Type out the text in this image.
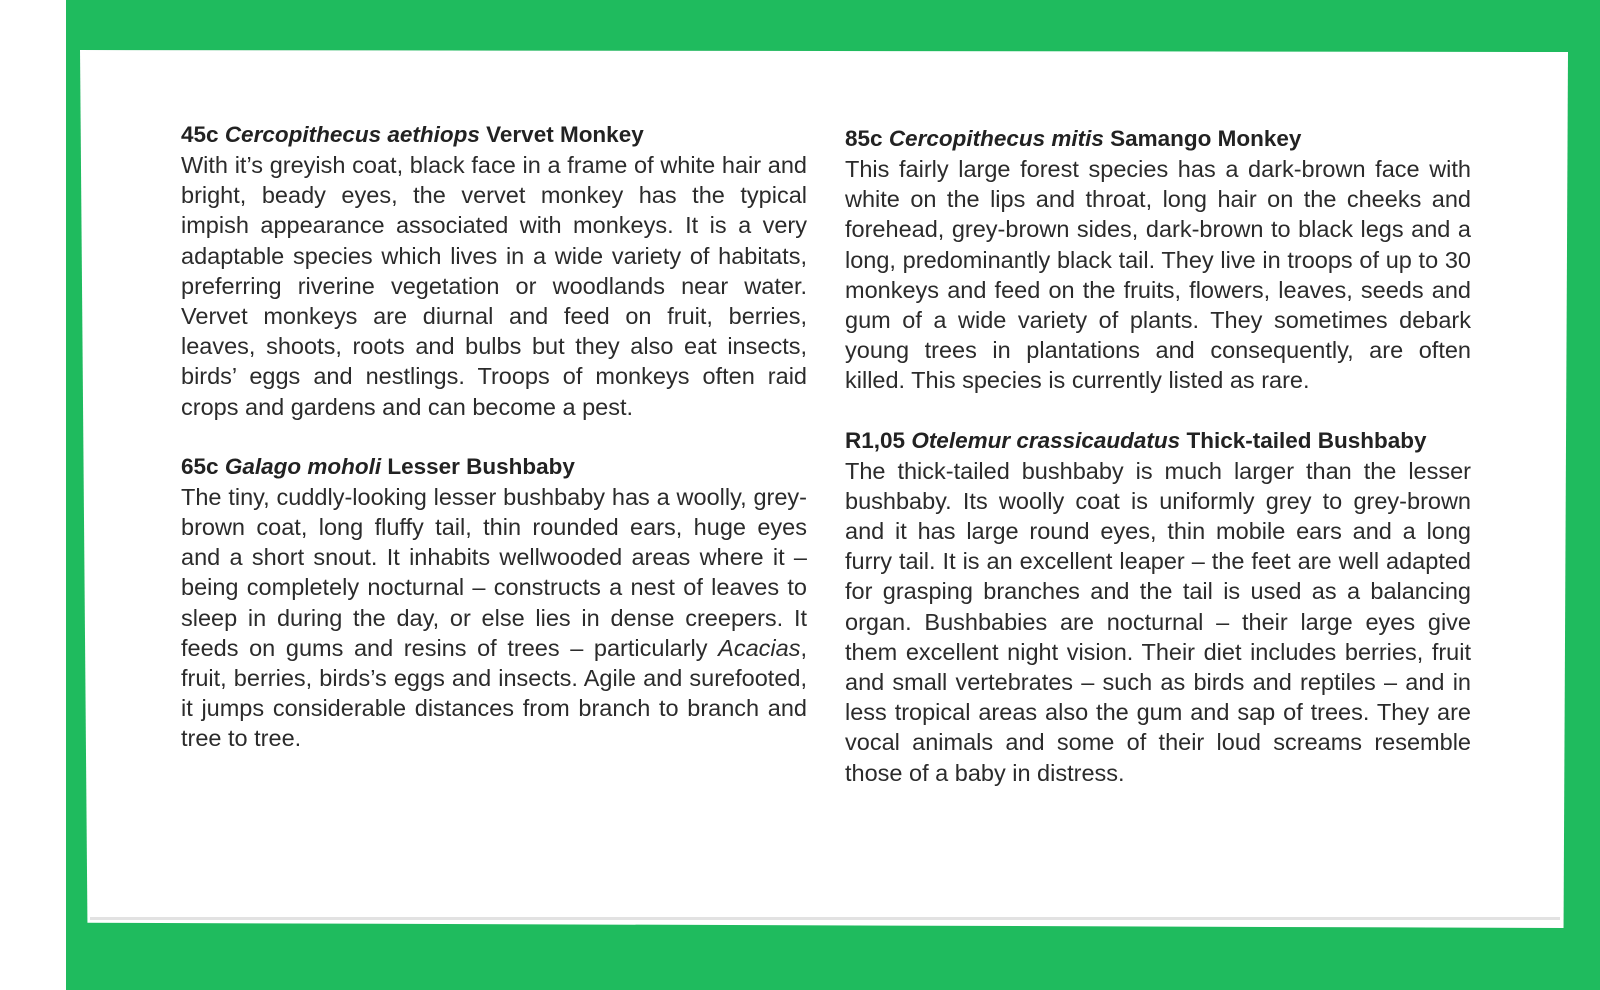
45c Cercopithecus aethiops Vervet Monkey

With it’s greyish coat, black face in a frame of white hair and bright, beady eyes, the vervet monkey has the typical impish appearance associated with monkeys. It is a very adaptable species which lives in a wide variety of habitats, preferring riverine vegetation or woodlands near water. Vervet monkeys are diurnal and feed on fruit, berries, leaves, shoots, roots and bulbs but they also eat insects, birds’ eggs and nestlings. Troops of monkeys often raid crops and gardens and can become a pest.

65c Galago moholi Lesser Bushbaby

The tiny, cuddly-looking lesser bushbaby has a woolly, grey-brown coat, long fluffy tail, thin rounded ears, huge eyes and a short snout. It inhabits wellwooded areas where it – being completely nocturnal – constructs a nest of leaves to sleep in during the day, or else lies in dense creepers. It feeds on gums and resins of trees – particularly Acacias, fruit, berries, birds’s eggs and insects. Agile and surefooted, it jumps considerable distances from branch to branch and tree to tree.

85c Cercopithecus mitis Samango Monkey

This fairly large forest species has a dark-brown face with white on the lips and throat, long hair on the cheeks and forehead, grey-brown sides, dark-brown to black legs and a long, predominantly black tail. They live in troops of up to 30 monkeys and feed on the fruits, flowers, leaves, seeds and gum of a wide variety of plants. They sometimes debark young trees in plantations and consequently, are often killed. This species is currently listed as rare.

R1,05 Otelemur crassicaudatus Thick-tailed Bushbaby

The thick-tailed bushbaby is much larger than the lesser bushbaby. Its woolly coat is uniformly grey to grey-brown and it has large round eyes, thin mobile ears and a long furry tail. It is an excellent leaper – the feet are well adapted for grasping branches and the tail is used as a balancing organ. Bushbabies are nocturnal – their large eyes give them excellent night vision. Their diet includes berries, fruit and small vertebrates – such as birds and reptiles – and in less tropical areas also the gum and sap of trees. They are vocal animals and some of their loud screams resemble those of a baby in distress.
